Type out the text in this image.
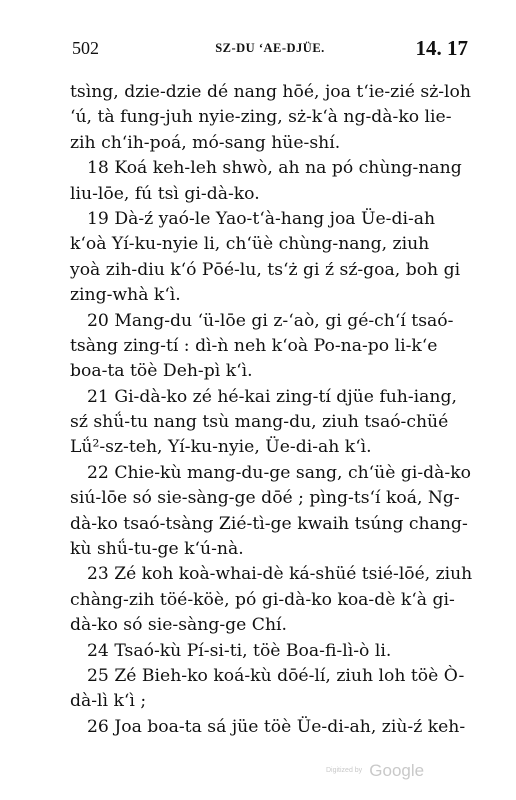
502	SZ-DU ʻAE-DJÜE.	14. 17
tsìng, dzie-dzie dé nang hōé, joa t‘ie-zié sż-loh
‘ú, tà fung-juh nyie-zing, sż-k‘à ng-dà-ko lie-
zih ch‘ih-poá, mó-sang hüe-shí.
18 Koá keh-leh shwò, ah na pó chùng-nang
liu-lōe, fú tsì gi-dà-ko.
19 Dà-ź yaó-le Yao-t‘à-hang joa Üe-di-ah
k‘oà Yí-ku-nyie li, ch‘üè chùng-nang, ziuh
yoà zih-diu k‘ó Pōé-lu, ts‘ż gi ź sź-goa, boh gi
zing-whà k‘ì.
20 Mang-du ‘ü-lōe gi z-‘aò, gi gé-ch‘í tsaó-
tsàng zing-tí : dì-ǹ neh k‘oà Po-na-po li-k‘e
boa-ta töè Deh-pì k‘ì.
21 Gi-dà-ko zé hé-kai zing-tí djüe fuh-iang,
sź shǘ-tu nang tsù mang-du, ziuh tsaó-chüé
Lǘ²-sz-teh, Yí-ku-nyie, Üe-di-ah k‘ì.
22 Chie-kù mang-du-ge sang, ch‘üè gi-dà-ko
siú-lōe só sie-sàng-ge dōé ; pìng-ts‘í koá, Ng-
dà-ko tsaó-tsàng Zié-tì-ge kwaih tsúng chang-
kù shǘ-tu-ge k‘ú-nà.
23 Zé koh koà-whai-dè ká-shüé tsié-lōé, ziuh
chàng-zih töé-köè, pó gi-dà-ko koa-dè k‘à gi-
dà-ko só sie-sàng-ge Chí.
24 Tsaó-kù Pí-si-ti, töè Boa-fi-lì-ò li.
25 Zé Bieh-ko koá-kù dōé-lí, ziuh loh töè Ò-
dà-lì k‘ì ;
26 Joa boa-ta sá jüe töè Üe-di-ah, ziù-ź keh-
Digitized by Google
